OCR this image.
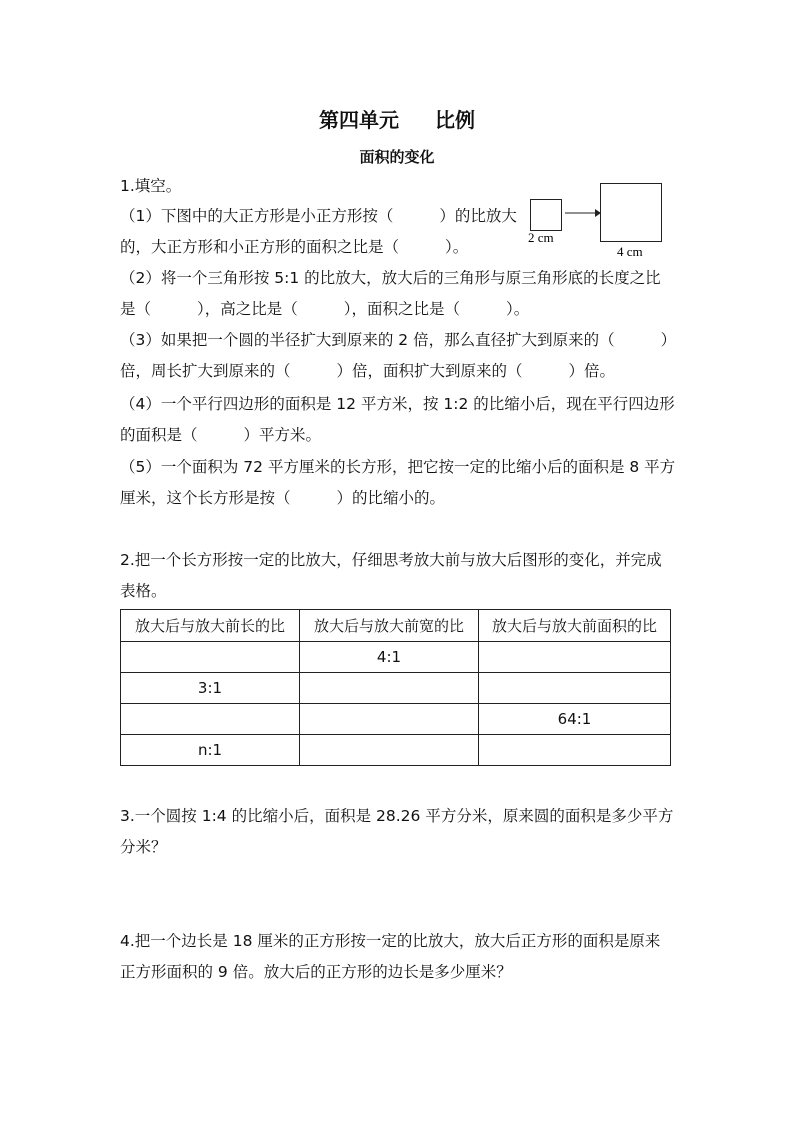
第四单元 比例
面积的变化
1.填空。
（1）下图中的大正方形是小正方形按（	）的比放大
的，大正方形和小正方形的面积之比是（	）。
2 cm
4 cm
（2）将一个三角形按 5:1 的比放大，放大后的三角形与原三角形底的长度之比
是（	），高之比是（	），面积之比是（	）。
（3）如果把一个圆的半径扩大到原来的 2 倍，那么直径扩大到原来的（	）
倍，周长扩大到原来的（	）倍，面积扩大到原来的（	）倍。
（4）一个平行四边形的面积是 12 平方米，按 1:2 的比缩小后，现在平行四边形
的面积是（	）平方米。
（5）一个面积为 72 平方厘米的长方形，把它按一定的比缩小后的面积是 8 平方
厘米，这个长方形是按（	）的比缩小的。
2.把一个长方形按一定的比放大，仔细思考放大前与放大后图形的变化，并完成
表格。
放大后与放大前长的比	放大后与放大前宽的比	放大后与放大前面积的比
	4:1	
3:1		
		64:1
n:1		
3.一个圆按 1:4 的比缩小后，面积是 28.26 平方分米，原来圆的面积是多少平方
分米？
4.把一个边长是 18 厘米的正方形按一定的比放大，放大后正方形的面积是原来
正方形面积的 9 倍。放大后的正方形的边长是多少厘米？
